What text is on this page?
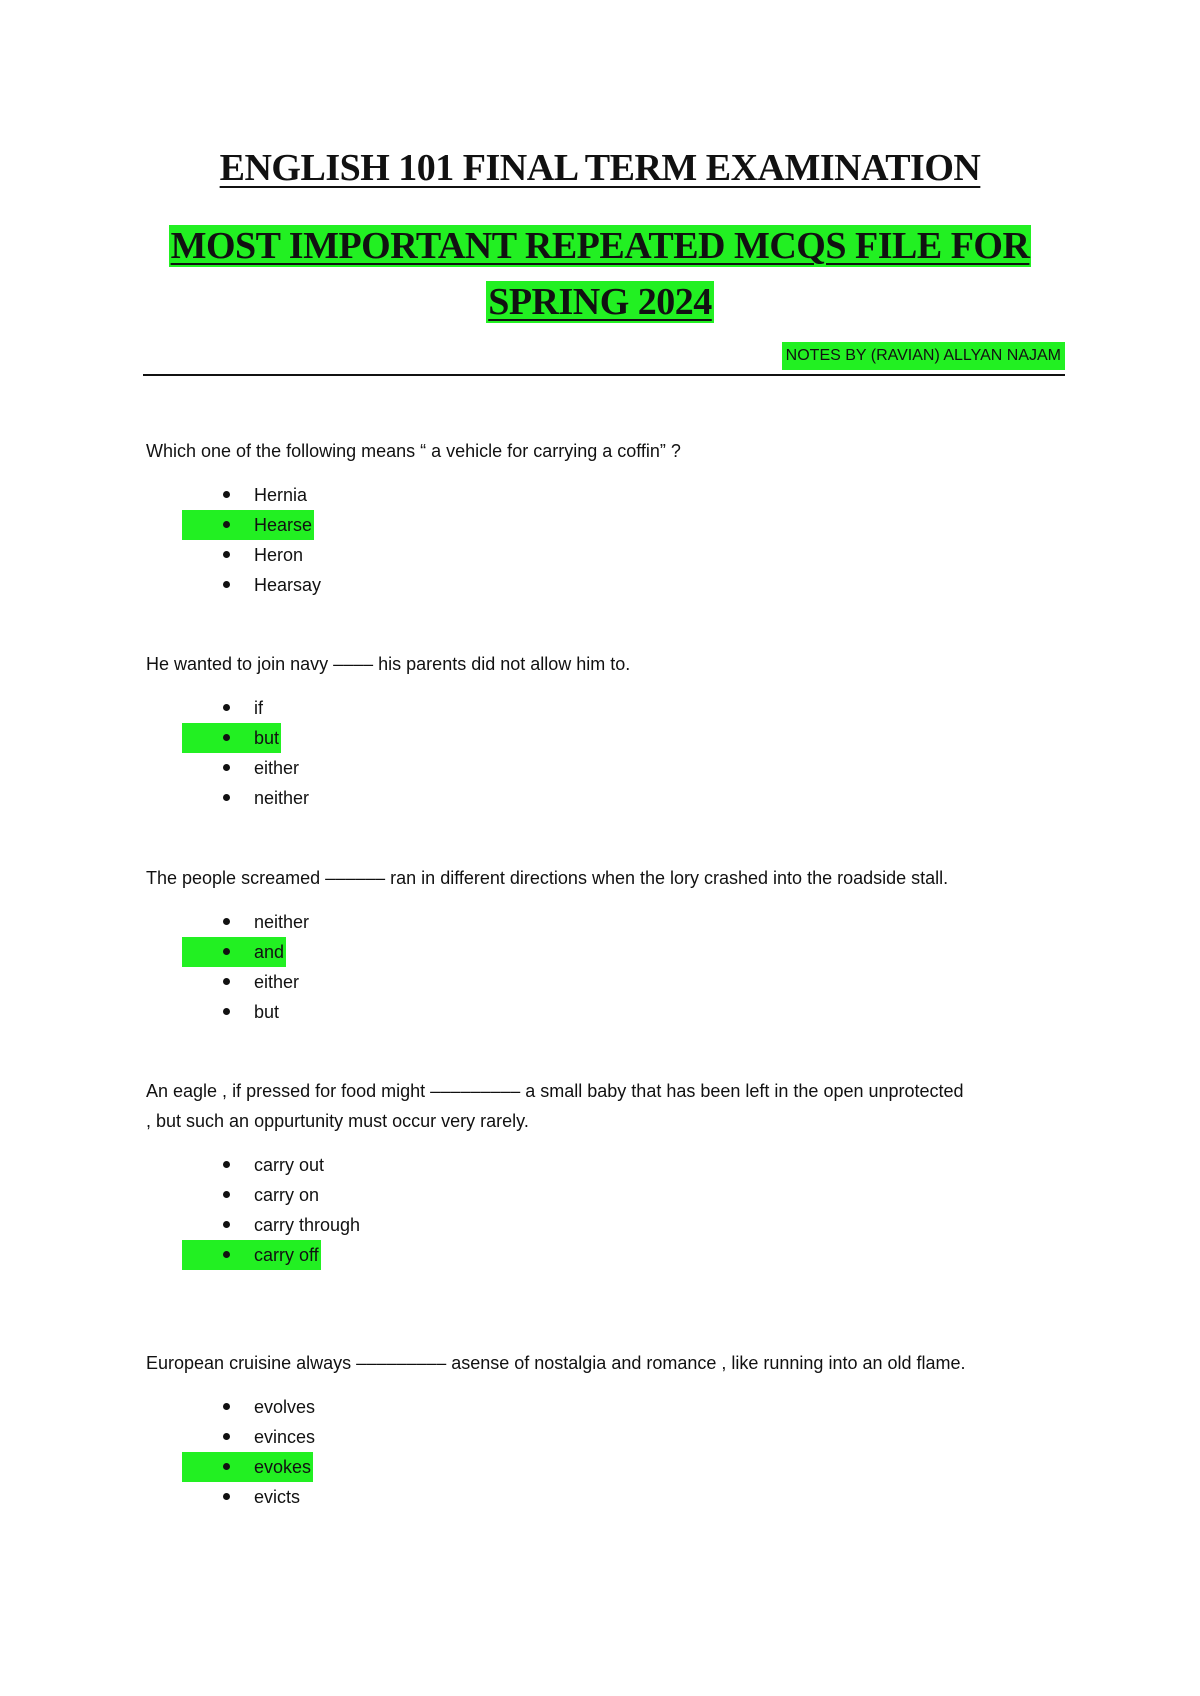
ENGLISH 101 FINAL TERM EXAMINATION
MOST IMPORTANT REPEATED MCQS FILE FOR SPRING 2024
NOTES BY (RAVIAN) ALLYAN NAJAM
Which one of the following means “ a vehicle for carrying a coffin” ?
Hernia
Hearse
Heron
Hearsay
He wanted to join navy –––– his parents did not allow him to.
if
but
either
neither
The people screamed –––––– ran in different directions when the lory crashed into the roadside stall.
neither
and
either
but
An eagle , if pressed for food might ––––––––– a small baby that has been left in the open unprotected , but such an oppurtunity must occur very rarely.
carry out
carry on
carry through
carry off
European cruisine always ––––––––– asense of nostalgia and romance , like running into an old flame.
evolves
evinces
evokes
evicts
